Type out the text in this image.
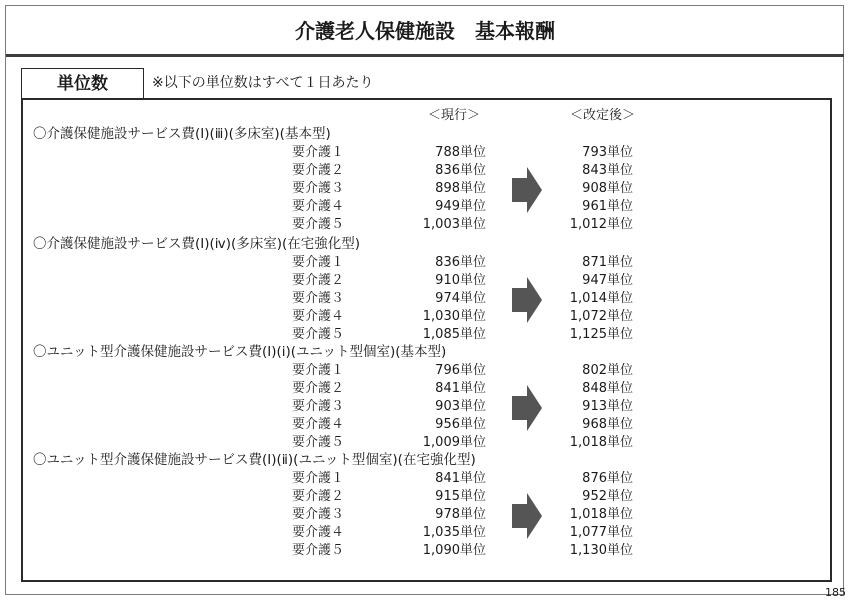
介護老人保健施設　基本報酬
単位数	※以下の単位数はすべて１日あたり
＜現行＞	＜改定後＞
〇介護保健施設サービス費(Ⅰ)(ⅲ)(多床室)(基本型)
要介護１	788単位	793単位
要介護２	836単位	843単位
要介護３	898単位	908単位
要介護４	949単位	961単位
要介護５	1,003単位	1,012単位
〇介護保健施設サービス費(Ⅰ)(ⅳ)(多床室)(在宅強化型)
要介護１	836単位	871単位
要介護２	910単位	947単位
要介護３	974単位	1,014単位
要介護４	1,030単位	1,072単位
要介護５	1,085単位	1,125単位
〇ユニット型介護保健施設サービス費(Ⅰ)(ⅰ)(ユニット型個室)(基本型)
要介護１	796単位	802単位
要介護２	841単位	848単位
要介護３	903単位	913単位
要介護４	956単位	968単位
要介護５	1,009単位	1,018単位
〇ユニット型介護保健施設サービス費(Ⅰ)(ⅱ)(ユニット型個室)(在宅強化型)
要介護１	841単位	876単位
要介護２	915単位	952単位
要介護３	978単位	1,018単位
要介護４	1,035単位	1,077単位
要介護５	1,090単位	1,130単位
185
